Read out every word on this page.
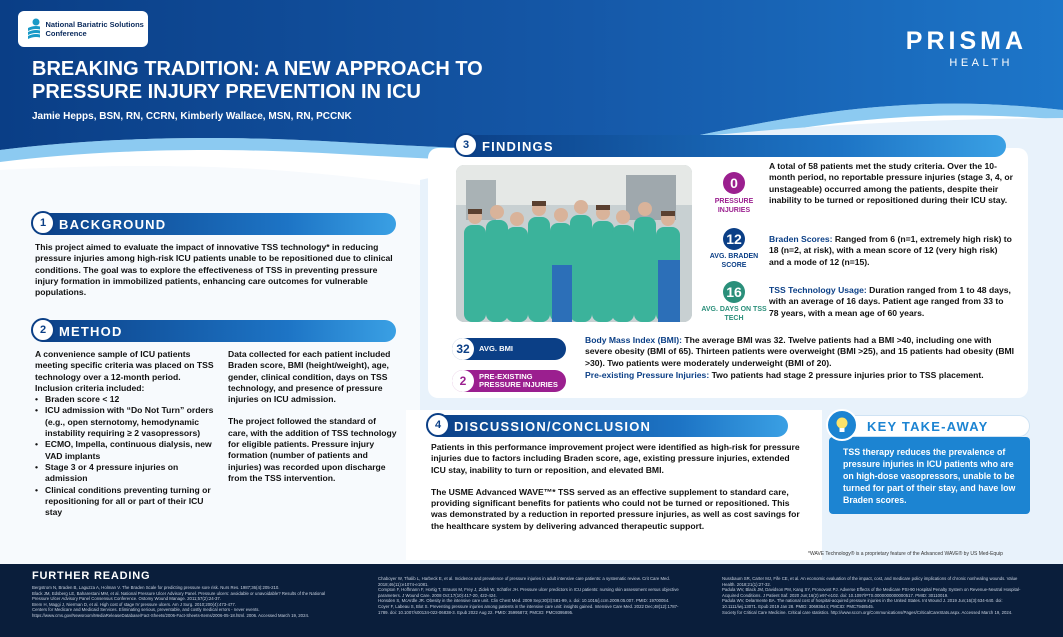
National Bariatric Solutions Conference	PRISMA
HEALTH
BREAKING TRADITION: A NEW APPROACH TO PRESSURE INJURY PREVENTION IN ICU
Jamie Hepps, BSN, RN, CCRN, Kimberly Wallace, MSN, RN, PCCNK
1 BACKGROUND
This project aimed to evaluate the impact of innovative TSS technology* in reducing pressure injuries among high-risk ICU patients unable to be repositioned due to clinical conditions. The goal was to explore the effectiveness of TSS in preventing pressure injury formation in immobilized patients, enhancing care outcomes for vulnerable populations.
2 METHOD
A convenience sample of ICU patients meeting specific criteria was placed on TSS technology over a 12-month period.
Inclusion criteria included:
• Braden score < 12
• ICU admission with “Do Not Turn” orders (e.g., open sternotomy, hemodynamic instability requiring ≥ 2 vasopressors)
• ECMO, Impella, continuous dialysis, new VAD implants
• Stage 3 or 4 pressure injuries on admission
• Clinical conditions preventing turning or repositioning for all or part of their ICU stay
Data collected for each patient included Braden score, BMI (height/weight), age, gender, clinical condition, days on TSS technology, and presence of pressure injuries on ICU admission.
The project followed the standard of care, with the addition of TSS technology for eligible patients. Pressure injury formation (number of patients and injuries) was recorded upon discharge from the TSS intervention.
3 FINDINGS
0
PRESSURE INJURIES
12
AVG. BRADEN SCORE
16
AVG. DAYS ON TSS TECH
A total of 58 patients met the study criteria. Over the 10-month period, no reportable pressure injuries (stage 3, 4, or unstageable) occurred among the patients, despite their inability to be turned or repositioned during their ICU stay.
Braden Scores: Ranged from 6 (n=1, extremely high risk) to 18 (n=2, at risk), with a mean score of 12 (very high risk) and a mode of 12 (n=15).
TSS Technology Usage: Duration ranged from 1 to 48 days, with an average of 16 days. Patient age ranged from 33 to 78 years, with a mean age of 60 years.
32	AVG. BMI
2	PRE-EXISTING PRESSURE INJURIES
Body Mass Index (BMI): The average BMI was 32. Twelve patients had a BMI >40, including one with severe obesity (BMI of 65). Thirteen patients were overweight (BMI >25), and 15 patients had obesity (BMI >30). Two patients were moderately underweight (BMI of 20).
Pre-existing Pressure Injuries: Two patients had stage 2 pressure injuries prior to TSS placement.
4 DISCUSSION/CONCLUSION
Patients in this performance improvement project were identified as high-risk for pressure injuries due to factors including Braden score, age, existing pressure injuries, extended ICU stay, inability to turn or reposition, and elevated BMI.
The USME Advanced WAVE™* TSS served as an effective supplement to standard care, providing significant benefits for patients who could not be turned or repositioned. This was demonstrated by a reduction in reported pressure injuries, as well as cost savings for the healthcare system by delivering advanced therapeutic support.
KEY TAKE-AWAY
TSS therapy reduces the prevalence of pressure injuries in ICU patients who are on high-dose vasopressors, unable to be turned for part of their stay, and have low Braden scores.
*WAVE Technology® is a proprietary feature of the Advanced WAVE® by US Med-Equip
FURTHER READING
Bergstrom N, Braden B, Laguzza A, Holman V. The Braden Scale for predicting pressure sore risk. Nurs Res. 1987;36(4):205-210.
Black JM, Edsberg LE, Baharestani MM, et al. National Pressure Ulcer Advisory Panel. Pressure ulcers: avoidable or unavoidable? Results of the National Pressure Ulcer Advisory Panel Consensus Conference. Ostomy Wound Manage. 2011;57(2):24-37.
Brem H, Maggi J, Nierman D, et al. High cost of stage IV pressure ulcers. Am J Surg. 2010;200(4):473-477.
Centers for Medicare and Medicaid Services. Eliminating serious, preventable, and costly medical errors - never events. https://www.cms.gov/Newsroom/MediaReleaseDatabase/Fact-Sheets/2006-Fact-Sheets-Items/2006-05-18.html. 2006. Accessed March 19, 2024.
Chaboyer W, Thalib L, Harbeck E, et al. Incidence and prevalence of pressure injuries in adult intensive care patients: a systematic review. Crit Care Med. 2018;46(11):e1074-e1081.
Compton F, Hoffmann F, Hortig T, Strauss M, Frey J, Zidek W, Schäfer JH. Pressure ulcer predictors in ICU patients: nursing skin assessment versus objective parameters. J Wound Care. 2008 Oct;17(10):417-20, 422-424.
Honsden S, McArdle JR. Obesity in the intensive care unit. Clin Chest Med. 2009 Sep;30(3):581-99, x. doi: 10.1016/j.ccm.2009.05.007. PMID: 19700054.
Coyer F, Labeau S, Blot S. Preventing pressure injuries among patients in the intensive care unit: insights gained. Intensive Care Med. 2022 Dec;48(12):1787-1789. doi: 10.1007/s00134-022-06838-3. Epub 2022 Aug 22. PMID: 35995873; PMCID: PMC9395895.
Nussbaum SR, Carter MJ, Fife CE, et al. An economic evaluation of the impact, cost, and medicare policy implications of chronic nonhealing wounds. Value Health. 2018;21(1):27-32.
Padula WV, Black JM, Davidson PM, Kang SY, Pronovost PJ. Adverse Effects of the Medicare PSI-90 Hospital Penalty System on Revenue-Neutral Hospital-Acquired Conditions. J Patient Saf. 2020 Jun;16(2):e97-e102. doi: 10.1097/PTS.0000000000000517. PMID: 30110019.
Padula WV, Delarmente BA. The national cost of hospital-acquired pressure injuries in the United States. Int Wound J. 2019 Jun;16(3):634-640. doi: 10.1111/iwj.13071. Epub 2019 Jan 28. PMID: 30693644; PMCID: PMC7948545.
Society for Critical Care Medicine. Critical care statistics. http://www.sccm.org/Communications/Pages/CriticalCareStats.aspx. Accessed March 19, 2024.
